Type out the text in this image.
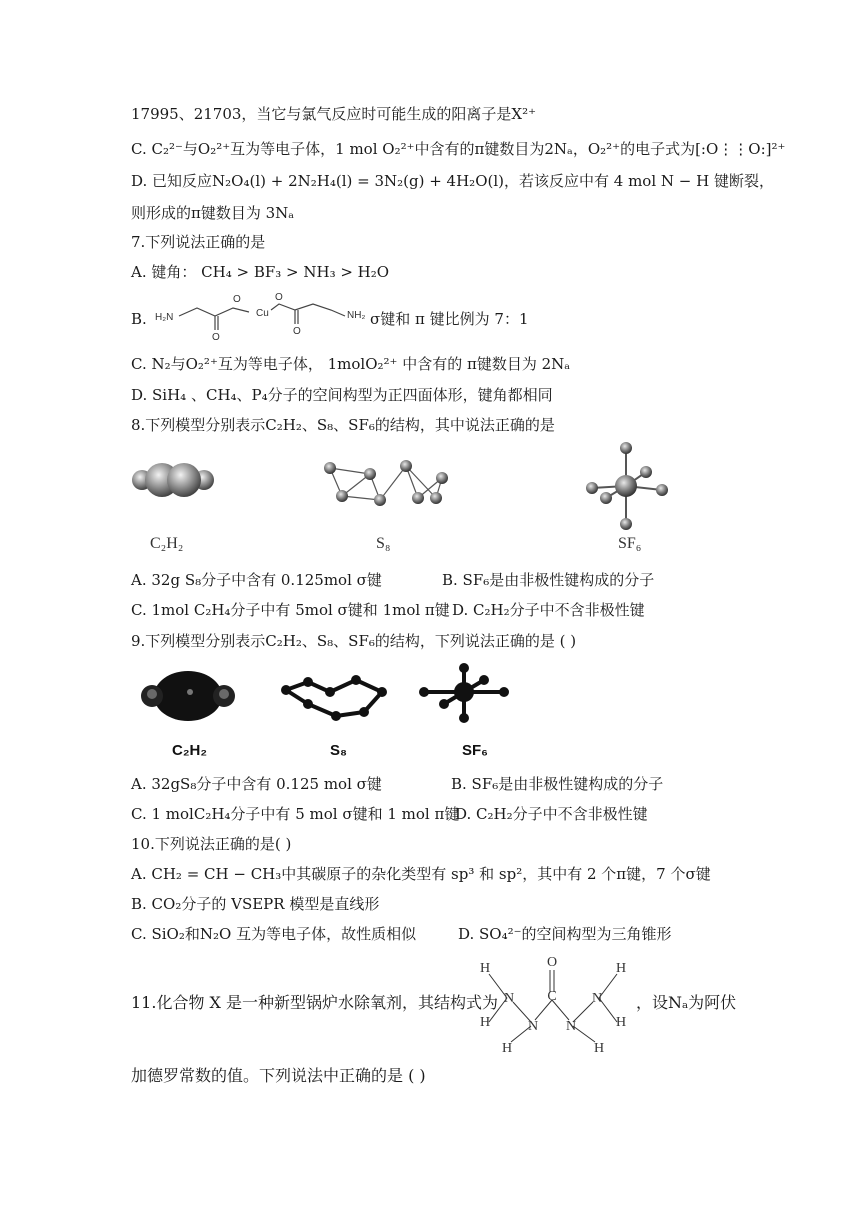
17995、21703，当它与氯气反应时可能生成的阳离子是X²⁺
C. C₂²⁻与O₂²⁺互为等电子体，1 mol O₂²⁺中含有的π键数目为2Nₐ，O₂²⁺的电子式为[:O⋮⋮O:]²⁺
D. 已知反应N₂O₄(l) + 2N₂H₄(l) = 3N₂(g) + 4H₂O(l)，若该反应中有 4 mol N − H 键断裂，
则形成的π键数目为 3Nₐ
7.下列说法正确的是
A. 键角： CH₄ > BF₃ > NH₃ > H₂O
B. H₂N
O
O
Cu
O
O
NH₂ σ键和 π 键比例为 7：1
C. N₂与O₂²⁺互为等电子体， 1molO₂²⁺ 中含有的 π键数目为 2Nₐ
D. SiH₄ 、CH₄、P₄分子的空间构型为正四面体形，键角都相同
8.下列模型分别表示C₂H₂、S₈、SF₆的结构，其中说法正确的是
C₂H₂	S₈	SF₆
A. 32g S₈分子中含有 0.125mol σ键	B. SF₆是由非极性键构成的分子
C. 1mol C₂H₄分子中有 5mol σ键和 1mol π键 D. C₂H₂分子中不含非极性键
9.下列模型分别表示C₂H₂、S₈、SF₆的结构，下列说法正确的是 ( )
C₂H₂	S₈	SF₆
A. 32gS₈分子中含有 0.125 mol σ键	B. SF₆是由非极性键构成的分子
C. 1 molC₂H₄分子中有 5 mol σ键和 1 mol π键
D. C₂H₂分子中不含非极性键
10.下列说法正确的是( )
A. CH₂ = CH − CH₃中其碳原子的杂化类型有 sp³ 和 sp²，其中有 2 个π键，7 个σ键
B. CO₂分子的 VSEPR 模型是直线形
C. SiO₂和N₂O 互为等电子体，故性质相似	D. SO₄²⁻的空间构型为三角锥形
11.化合物 X 是一种新型锅炉水除氧剂，其结构式为
O
C
N N
N	N
H
H
H
H
H	H
，设Nₐ为阿伏
加德罗常数的值。下列说法中正确的是 ( )
